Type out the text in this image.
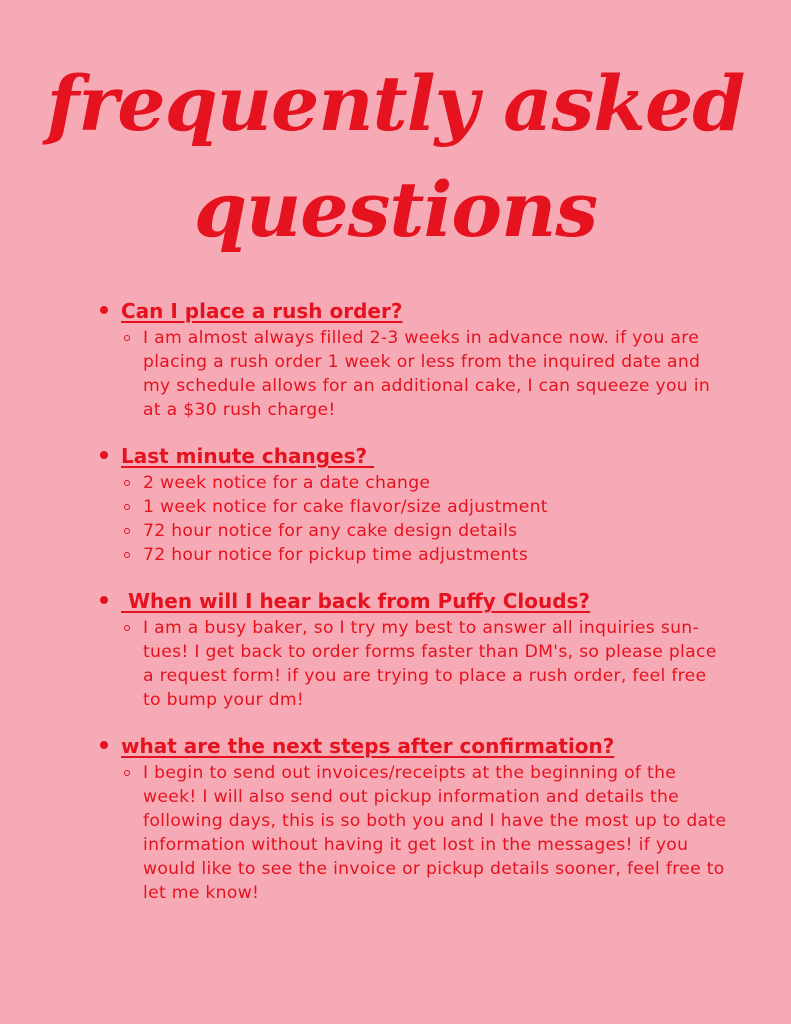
frequently asked
questions
Can I place a rush order?
I am almost always filled 2-3 weeks in advance now. if you are placing a rush order 1 week or less from the inquired date and my schedule allows for an additional cake, I can squeeze you in at a $30 rush charge!
Last minute changes?
2 week notice for a date change
1 week notice for cake flavor/size adjustment
72 hour notice for any cake design details
72 hour notice for pickup time adjustments
When will I hear back from Puffy Clouds?
I am a busy baker, so I try my best to answer all inquiries sun-tues! I get back to order forms faster than DM's, so please place a request form! if you are trying to place a rush order, feel free to bump your dm!
what are the next steps after confirmation?
I begin to send out invoices/receipts at the beginning of the week! I will also send out pickup information and details the following days, this is so both you and I have the most up to date information without having it get lost in the messages! if you would like to see the invoice or pickup details sooner, feel free to let me know!
